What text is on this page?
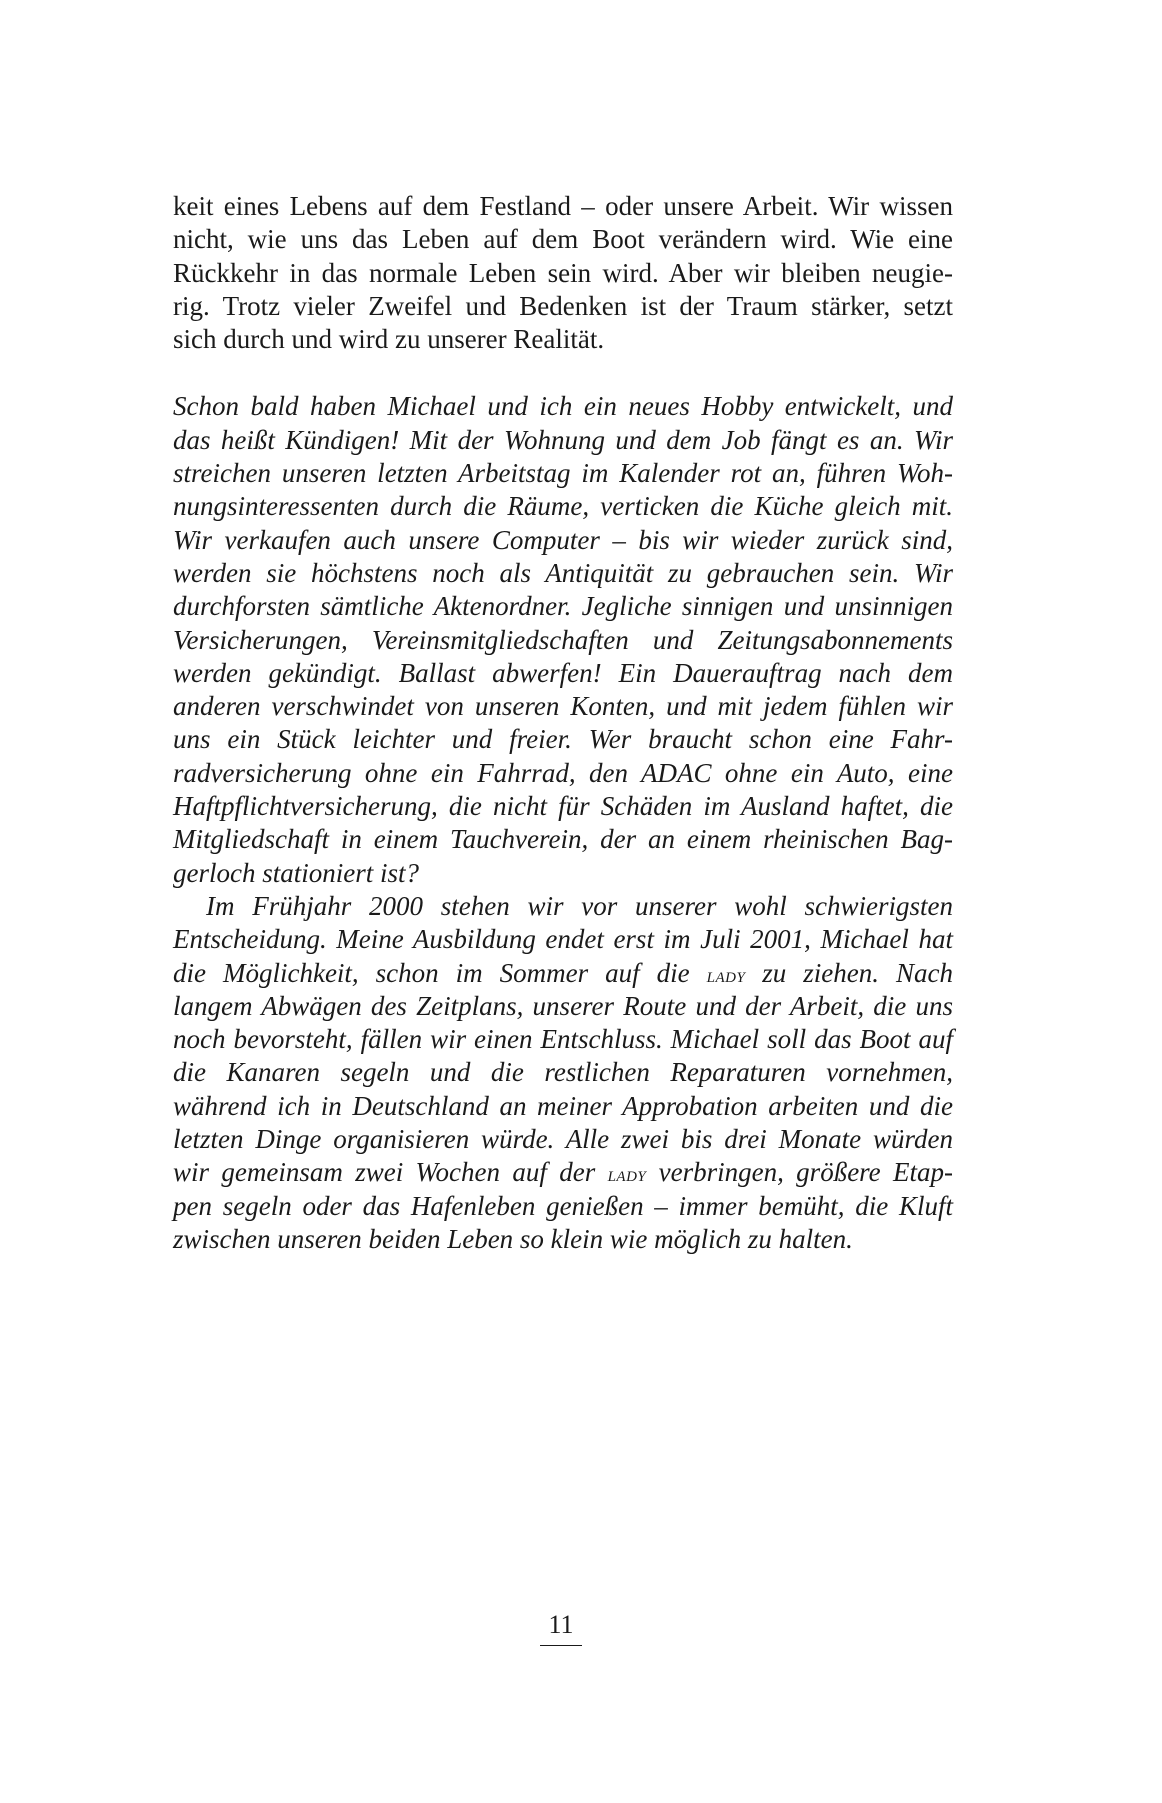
keit eines Lebens auf dem Festland – oder unsere Arbeit. Wir wissen
nicht, wie uns das Leben auf dem Boot verändern wird. Wie eine
Rückkehr in das normale Leben sein wird. Aber wir bleiben neugie-
rig. Trotz vieler Zweifel und Bedenken ist der Traum stärker, setzt
sich durch und wird zu unserer Realität.
Schon bald haben Michael und ich ein neues Hobby entwickelt, und
das heißt Kündigen! Mit der Wohnung und dem Job fängt es an. Wir
streichen unseren letzten Arbeitstag im Kalender rot an, führen Woh-
nungsinteressenten durch die Räume, verticken die Küche gleich mit.
Wir verkaufen auch unsere Computer – bis wir wieder zurück sind,
werden sie höchstens noch als Antiquität zu gebrauchen sein. Wir
durchforsten sämtliche Aktenordner. Jegliche sinnigen und unsinnigen
Versicherungen, Vereinsmitgliedschaften und Zeitungsabonnements
werden gekündigt. Ballast abwerfen! Ein Dauerauftrag nach dem
anderen verschwindet von unseren Konten, und mit jedem fühlen wir
uns ein Stück leichter und freier. Wer braucht schon eine Fahr-
radversicherung ohne ein Fahrrad, den ADAC ohne ein Auto, eine
Haftpflichtversicherung, die nicht für Schäden im Ausland haftet, die
Mitgliedschaft in einem Tauchverein, der an einem rheinischen Bag-
gerloch stationiert ist?
Im Frühjahr 2000 stehen wir vor unserer wohl schwierigsten
Entscheidung. Meine Ausbildung endet erst im Juli 2001, Michael hat
die Möglichkeit, schon im Sommer auf die lady zu ziehen. Nach
langem Abwägen des Zeitplans, unserer Route und der Arbeit, die uns
noch bevorsteht, fällen wir einen Entschluss. Michael soll das Boot auf
die Kanaren segeln und die restlichen Reparaturen vornehmen,
während ich in Deutschland an meiner Approbation arbeiten und die
letzten Dinge organisieren würde. Alle zwei bis drei Monate würden
wir gemeinsam zwei Wochen auf der lady verbringen, größere Etap-
pen segeln oder das Hafenleben genießen – immer bemüht, die Kluft
zwischen unseren beiden Leben so klein wie möglich zu halten.
11
